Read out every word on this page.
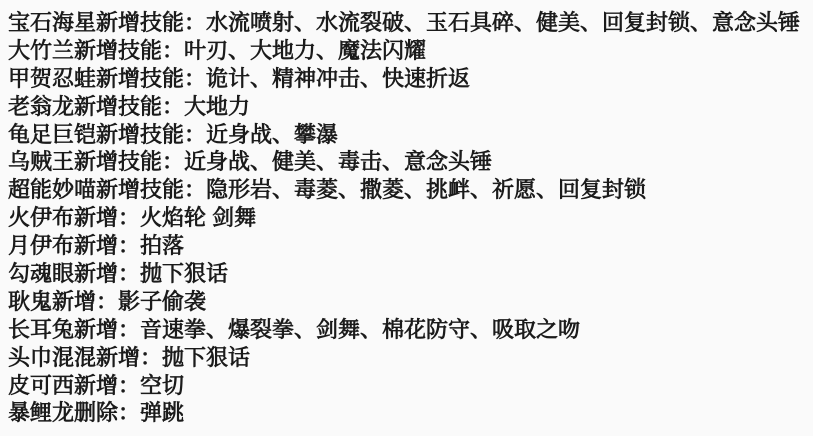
宝石海星新增技能：水流喷射、水流裂破、玉石具碎、健美、回复封锁、意念头锤

大竹兰新增技能：叶刃、大地力、魔法闪耀

甲贺忍蛙新增技能：诡计、精神冲击、快速折返

老翁龙新增技能：大地力

龟足巨铠新增技能：近身战、攀瀑

乌贼王新增技能：近身战、健美、毒击、意念头锤

超能妙喵新增技能：隐形岩、毒菱、撒菱、挑衅、祈愿、回复封锁

火伊布新增：火焰轮 剑舞

月伊布新增：拍落

勾魂眼新增：抛下狠话

耿鬼新增：影子偷袭

长耳兔新增：音速拳、爆裂拳、剑舞、棉花防守、吸取之吻

头巾混混新增：抛下狠话

皮可西新增：空切

暴鲤龙删除：弹跳
